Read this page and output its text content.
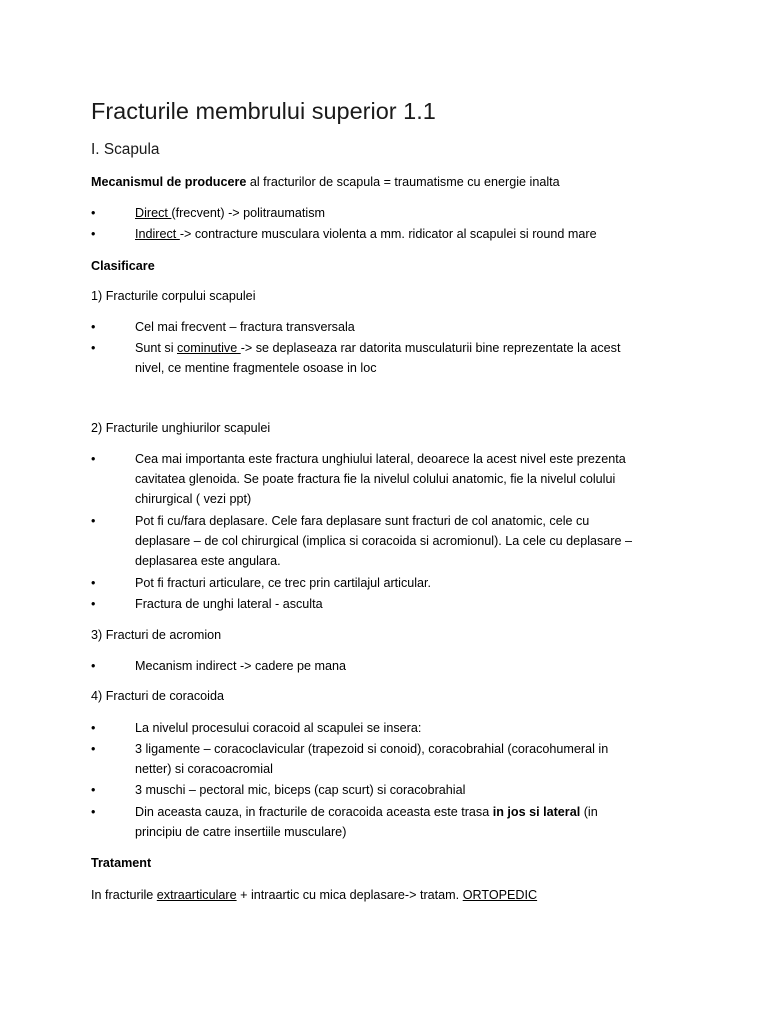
Fracturile membrului superior 1.1
I. Scapula
Mecanismul de producere al fracturilor de scapula = traumatisme cu energie inalta
•	Direct (frecvent) -> politraumatism
•	Indirect -> contracture musculara violenta a mm. ridicator al scapulei si round mare
Clasificare
1) Fracturile corpului scapulei
•	Cel mai frecvent – fractura transversala
•	Sunt si cominutive -> se deplaseaza rar datorita musculaturii bine reprezentate la acest
nivel, ce mentine fragmentele osoase in loc
2) Fracturile unghiurilor scapulei
•	Cea mai importanta este fractura unghiului lateral, deoarece la acest nivel este prezenta
cavitatea glenoida. Se poate fractura fie la nivelul colului anatomic, fie la nivelul colului
chirurgical ( vezi ppt)
•	Pot fi cu/fara deplasare. Cele fara deplasare sunt fracturi de col anatomic, cele cu
deplasare – de col chirurgical (implica si coracoida si acromionul). La cele cu deplasare –
deplasarea este angulara.
•	Pot fi fracturi articulare, ce trec prin cartilajul articular.
•	Fractura de unghi lateral - asculta
3) Fracturi de acromion
•	Mecanism indirect -> cadere pe mana
4) Fracturi de coracoida
•	La nivelul procesului coracoid al scapulei se insera:
•	3 ligamente – coracoclavicular (trapezoid si conoid), coracobrahial (coracohumeral in
netter) si coracoacromial
•	3 muschi – pectoral mic, biceps (cap scurt) si coracobrahial
•	Din aceasta cauza, in fracturile de coracoida aceasta este trasa in jos si lateral (in
principiu de catre insertiile musculare)
Tratament
In fracturile extraarticulare + intraartic cu mica deplasare-> tratam. ORTOPEDIC
